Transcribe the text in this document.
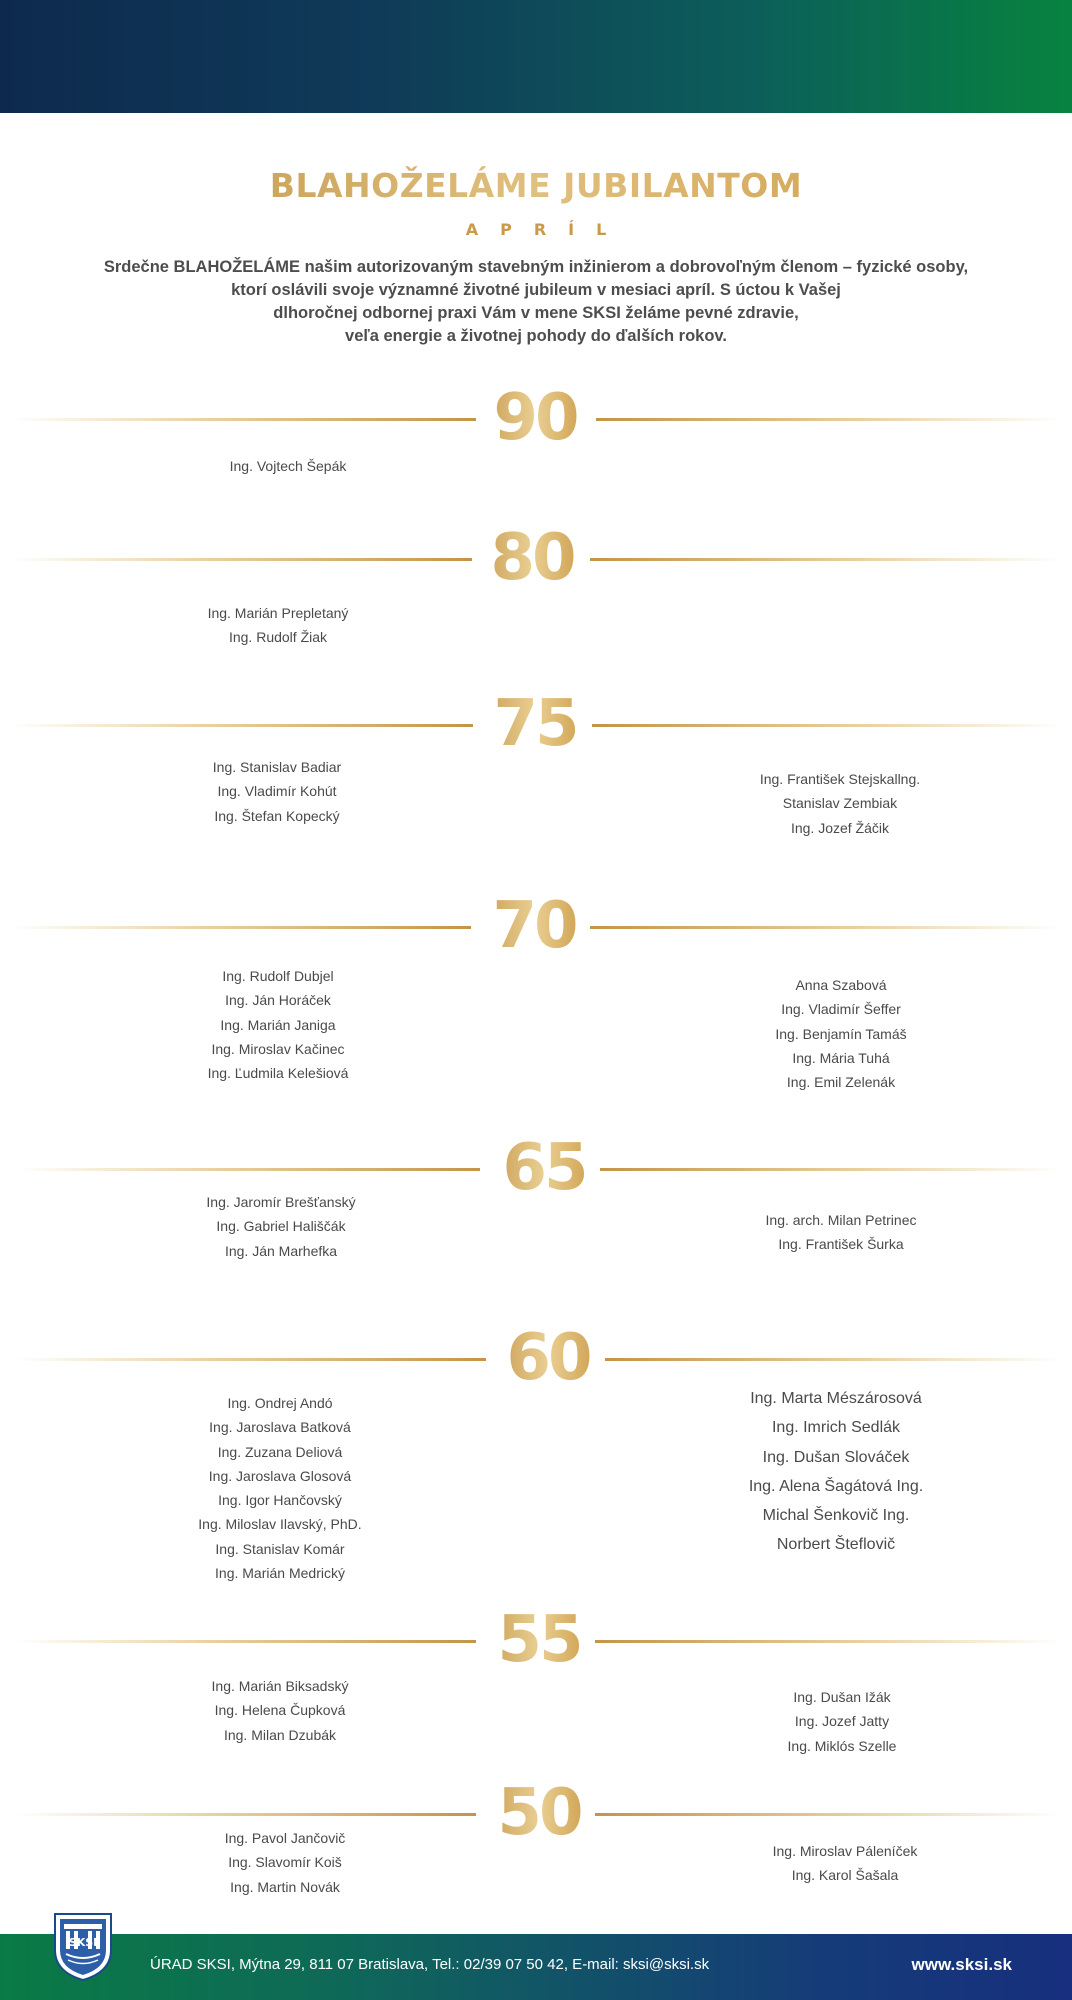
BLAHOŽELÁME JUBILANTOM
APRÍL
Srdečne BLAHOŽELÁME našim autorizovaným stavebným inžinierom a dobrovoľným členom – fyzické osoby,
ktorí oslávili svoje významné životné jubileum v mesiaci apríl. S úctou k Vašej
dlhoročnej odbornej praxi Vám v mene SKSI želáme pevné zdravie,
veľa energie a životnej pohody do ďalších rokov.
90
Ing. Vojtech Šepák
80
Ing. Marián Prepletaný
Ing. Rudolf Žiak
75
Ing. Stanislav Badiar
Ing. Vladimír Kohút
Ing. Štefan Kopecký
Ing. František Stejskallng.
Stanislav Zembiak
Ing. Jozef Žáčik
70
Ing. Rudolf Dubjel
Ing. Ján Horáček
Ing. Marián Janiga
Ing. Miroslav Kačinec
Ing. Ľudmila Kelešiová
Anna Szabová
Ing. Vladimír Šeffer
Ing. Benjamín Tamáš
Ing. Mária Tuhá
Ing. Emil Zelenák
65
Ing. Jaromír Brešťanský
Ing. Gabriel Hališčák
Ing. Ján Marhefka
Ing. arch. Milan Petrinec
Ing. František Šurka
60
Ing. Ondrej Andó
Ing. Jaroslava Batková
Ing. Zuzana Deliová
Ing. Jaroslava Glosová
Ing. Igor Hančovský
Ing. Miloslav Ilavský, PhD.
Ing. Stanislav Komár
Ing. Marián Medrický
Ing. Marta Mészárosová
Ing. Imrich Sedlák
Ing. Dušan Slováček
Ing. Alena Šagátová Ing.
Michal Šenkovič Ing.
Norbert Šteflovič
55
Ing. Marián Biksadský
Ing. Helena Čupková
Ing. Milan Dzubák
Ing. Dušan Ižák
Ing. Jozef Jatty
Ing. Miklós Szelle
50
Ing. Pavol Jančovič
Ing. Slavomír Koiš
Ing. Martin Novák
Ing. Miroslav Páleníček
Ing. Karol Šašala
SKSI
ÚRAD SKSI, Mýtna 29, 811 07 Bratislava, Tel.: 02/39 07 50 42, E-mail: sksi@sksi.sk	www.sksi.sk
